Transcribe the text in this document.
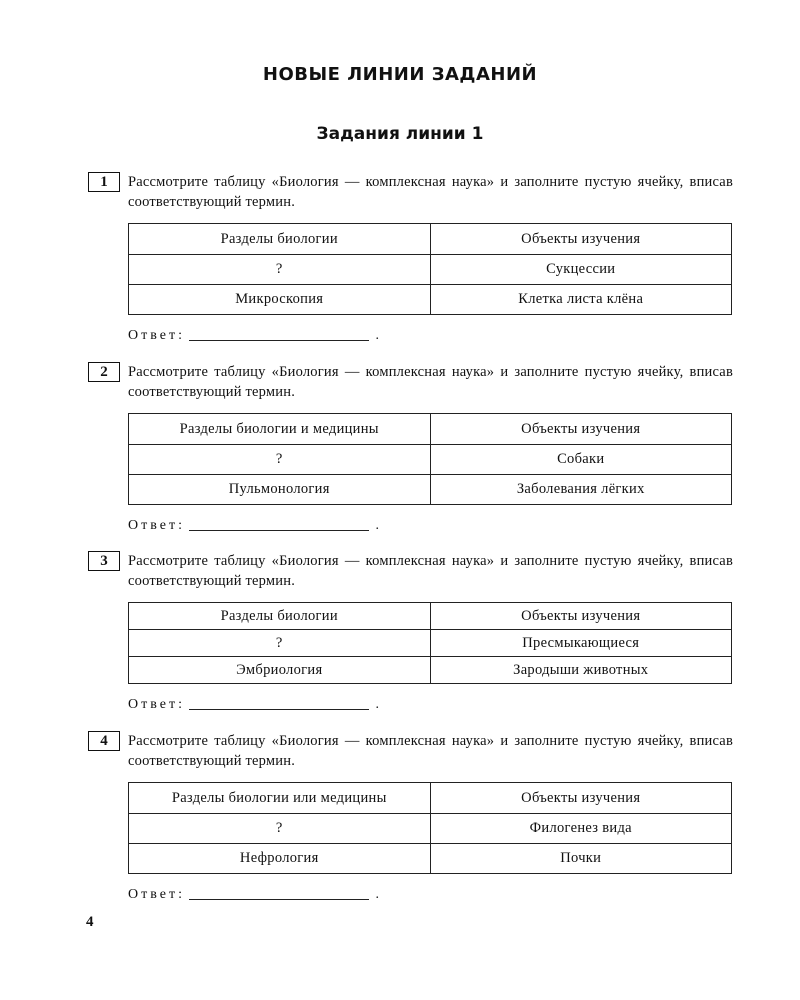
НОВЫЕ ЛИНИИ ЗАДАНИЙ
Задания линии 1
1	Рассмотрите таблицу «Биология — комплексная наука» и заполните пустую ячейку, вписав соответствующий термин.
Разделы биологии	Объекты изучения
?	Сукцессии
Микроскопия	Клетка листа клёна
Ответ:	.
2	Рассмотрите таблицу «Биология — комплексная наука» и заполните пустую ячейку, вписав соответствующий термин.
Разделы биологии и медицины	Объекты изучения
?	Собаки
Пульмонология	Заболевания лёгких
Ответ:	.
3	Рассмотрите таблицу «Биология — комплексная наука» и заполните пустую ячейку, вписав соответствующий термин.
Разделы биологии	Объекты изучения
?	Пресмыкающиеся
Эмбриология	Зародыши животных
Ответ:	.
4	Рассмотрите таблицу «Биология — комплексная наука» и заполните пустую ячейку, вписав соответствующий термин.
Разделы биологии или медицины	Объекты изучения
?	Филогенез вида
Нефрология	Почки
Ответ:	.
4
